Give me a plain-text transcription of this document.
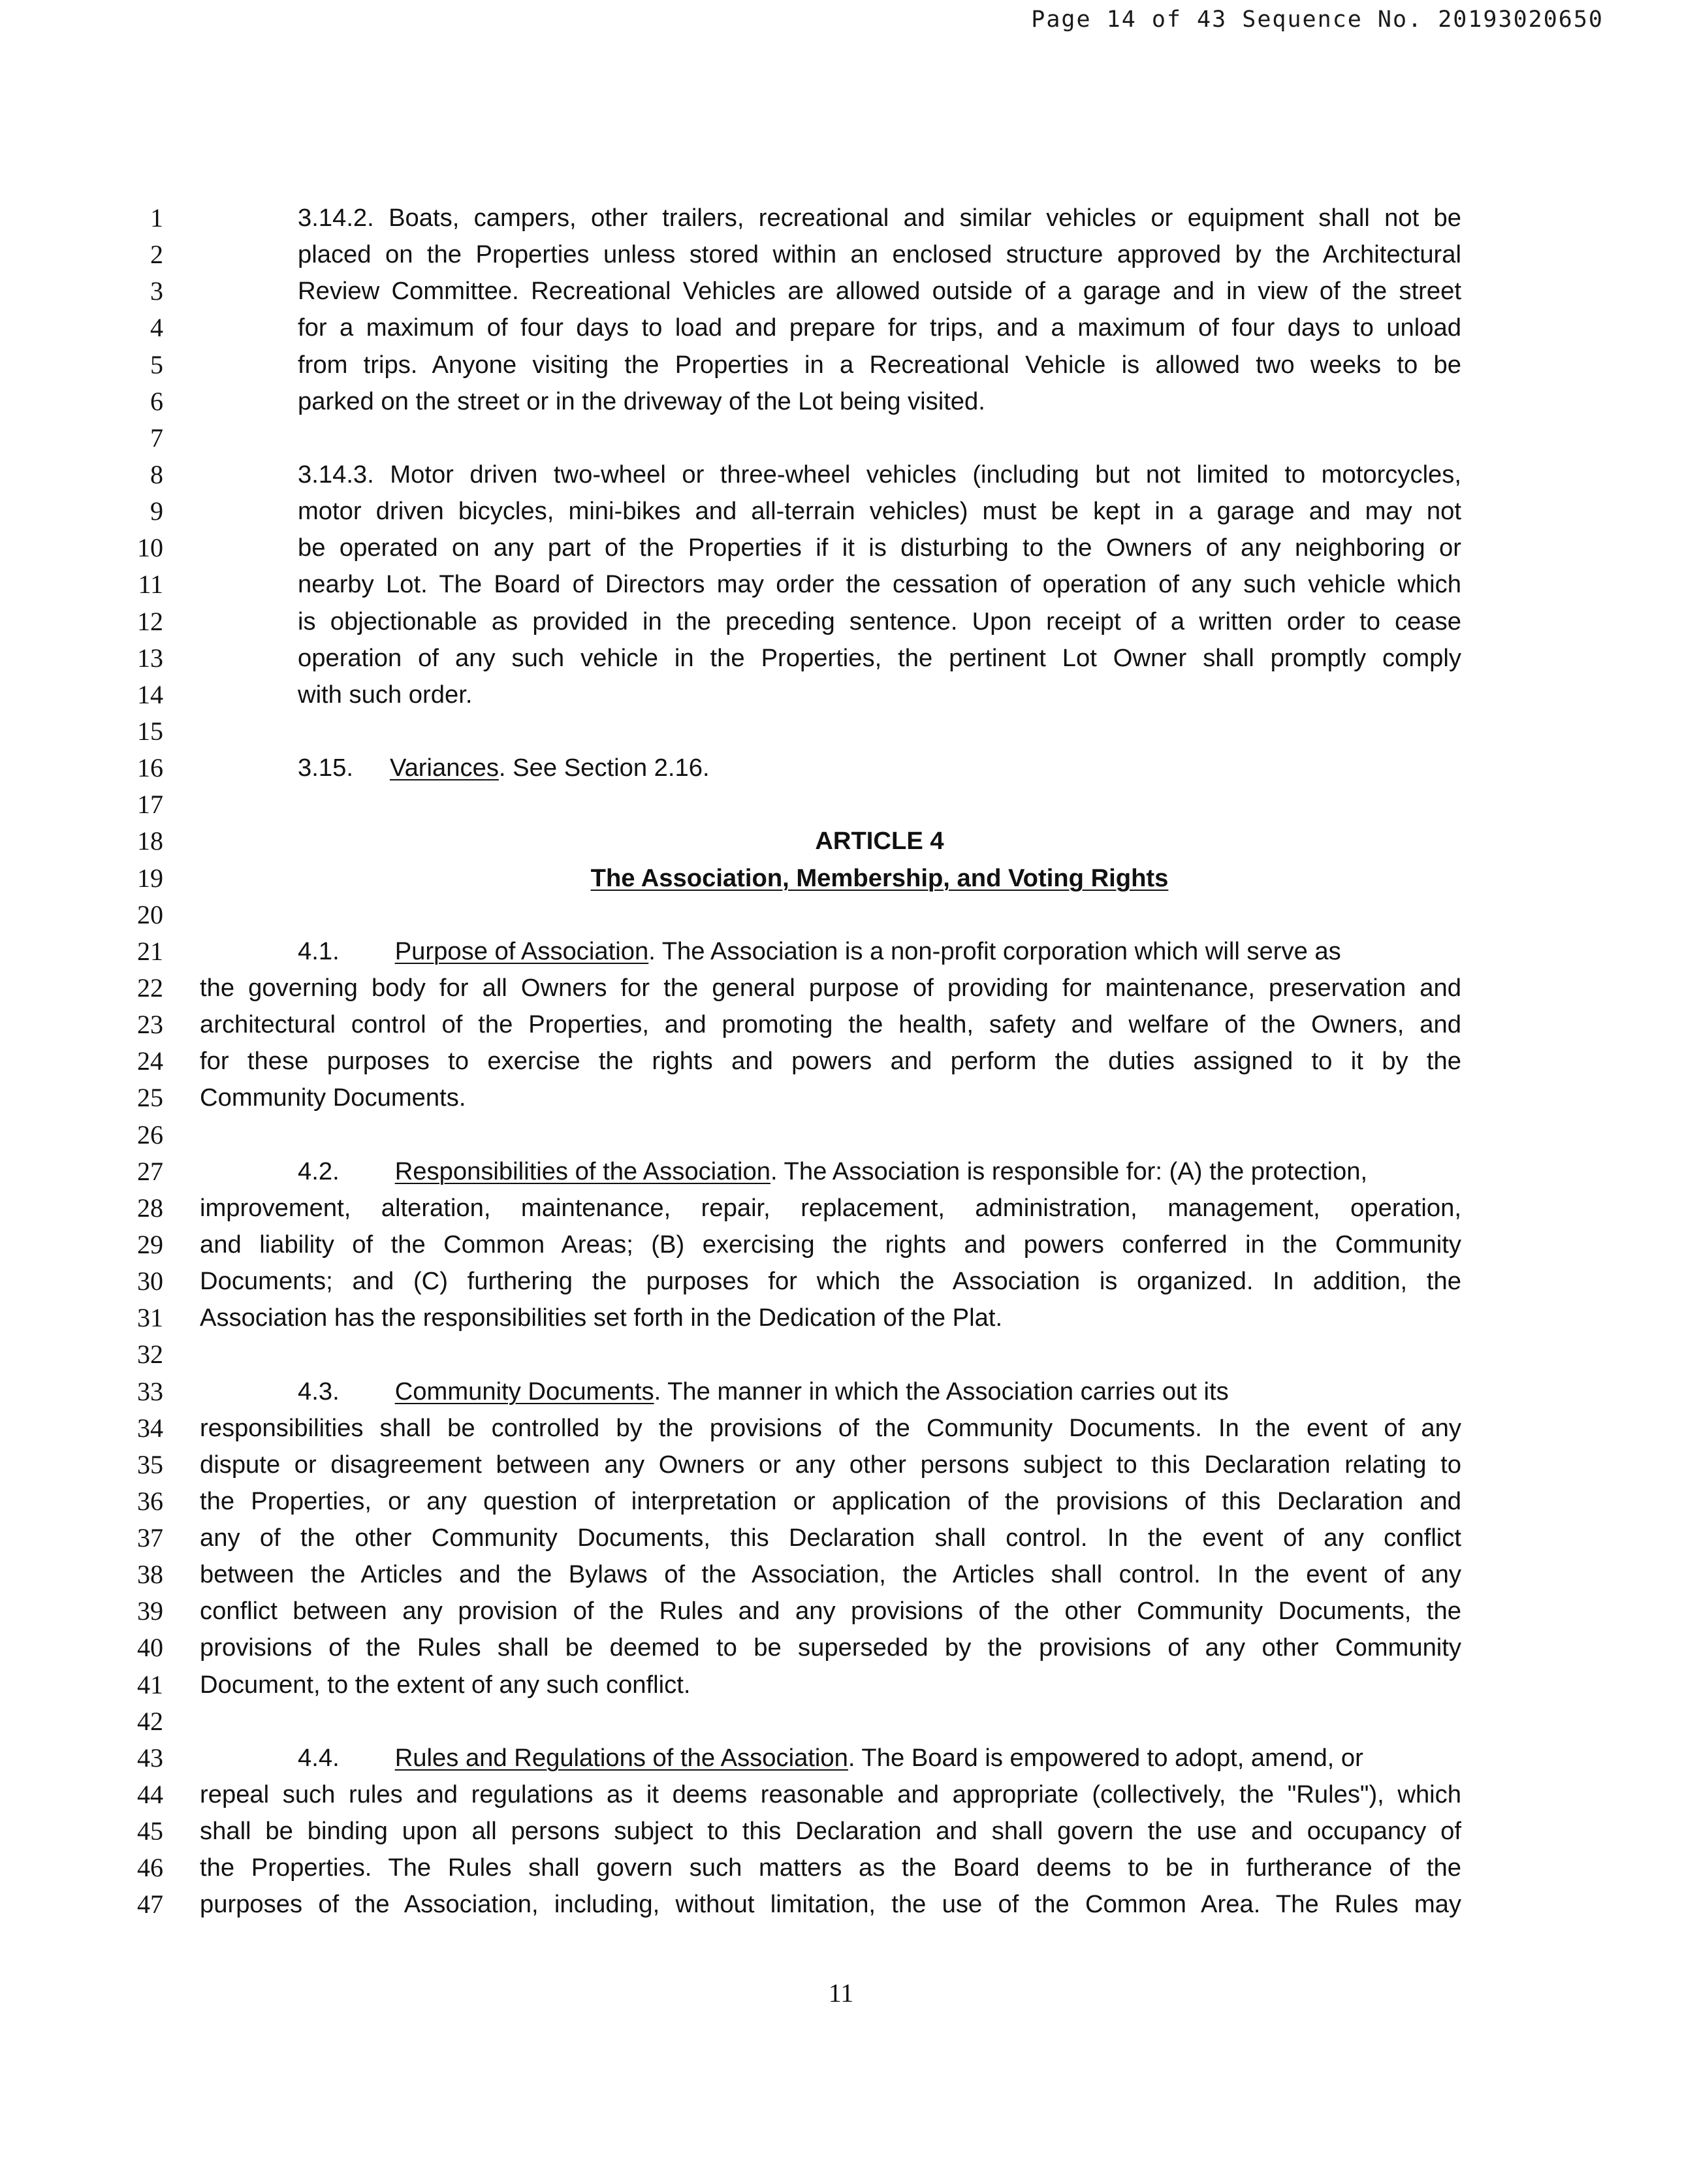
Page 14 of 43 Sequence No. 20193020650
1
2
3
4
5
6
7
8
9
10
11
12
13
14
15
16
17
18
19
20
21
22
23
24
25
26
27
28
29
30
31
32
33
34
35
36
37
38
39
40
41
42
43
44
45
46
47
3.14.2. Boats, campers, other trailers, recreational and similar vehicles or equipment shall not be
placed on the Properties unless stored within an enclosed structure approved by the Architectural
Review Committee. Recreational Vehicles are allowed outside of a garage and in view of the street
for a maximum of four days to load and prepare for trips, and a maximum of four days to unload
from trips. Anyone visiting the Properties in a Recreational Vehicle is allowed two weeks to be
parked on the street or in the driveway of the Lot being visited.
3.14.3. Motor driven two-wheel or three-wheel vehicles (including but not limited to motorcycles,
motor driven bicycles, mini-bikes and all-terrain vehicles) must be kept in a garage and may not
be operated on any part of the Properties if it is disturbing to the Owners of any neighboring or
nearby Lot. The Board of Directors may order the cessation of operation of any such vehicle which
is objectionable as provided in the preceding sentence. Upon receipt of a written order to cease
operation of any such vehicle in the Properties, the pertinent Lot Owner shall promptly comply
with such order.
3.15. Variances. See Section 2.16.
ARTICLE 4
The Association, Membership, and Voting Rights
4.1. Purpose of Association. The Association is a non-profit corporation which will serve as
the governing body for all Owners for the general purpose of providing for maintenance, preservation and
architectural control of the Properties, and promoting the health, safety and welfare of the Owners, and
for these purposes to exercise the rights and powers and perform the duties assigned to it by the
Community Documents.
4.2. Responsibilities of the Association. The Association is responsible for: (A) the protection,
improvement, alteration, maintenance, repair, replacement, administration, management, operation,
and liability of the Common Areas; (B) exercising the rights and powers conferred in the Community
Documents; and (C) furthering the purposes for which the Association is organized. In addition, the
Association has the responsibilities set forth in the Dedication of the Plat.
4.3. Community Documents. The manner in which the Association carries out its
responsibilities shall be controlled by the provisions of the Community Documents. In the event of any
dispute or disagreement between any Owners or any other persons subject to this Declaration relating to
the Properties, or any question of interpretation or application of the provisions of this Declaration and
any of the other Community Documents, this Declaration shall control. In the event of any conflict
between the Articles and the Bylaws of the Association, the Articles shall control. In the event of any
conflict between any provision of the Rules and any provisions of the other Community Documents, the
provisions of the Rules shall be deemed to be superseded by the provisions of any other Community
Document, to the extent of any such conflict.
4.4. Rules and Regulations of the Association. The Board is empowered to adopt, amend, or
repeal such rules and regulations as it deems reasonable and appropriate (collectively, the "Rules"), which
shall be binding upon all persons subject to this Declaration and shall govern the use and occupancy of
the Properties. The Rules shall govern such matters as the Board deems to be in furtherance of the
purposes of the Association, including, without limitation, the use of the Common Area. The Rules may
11
